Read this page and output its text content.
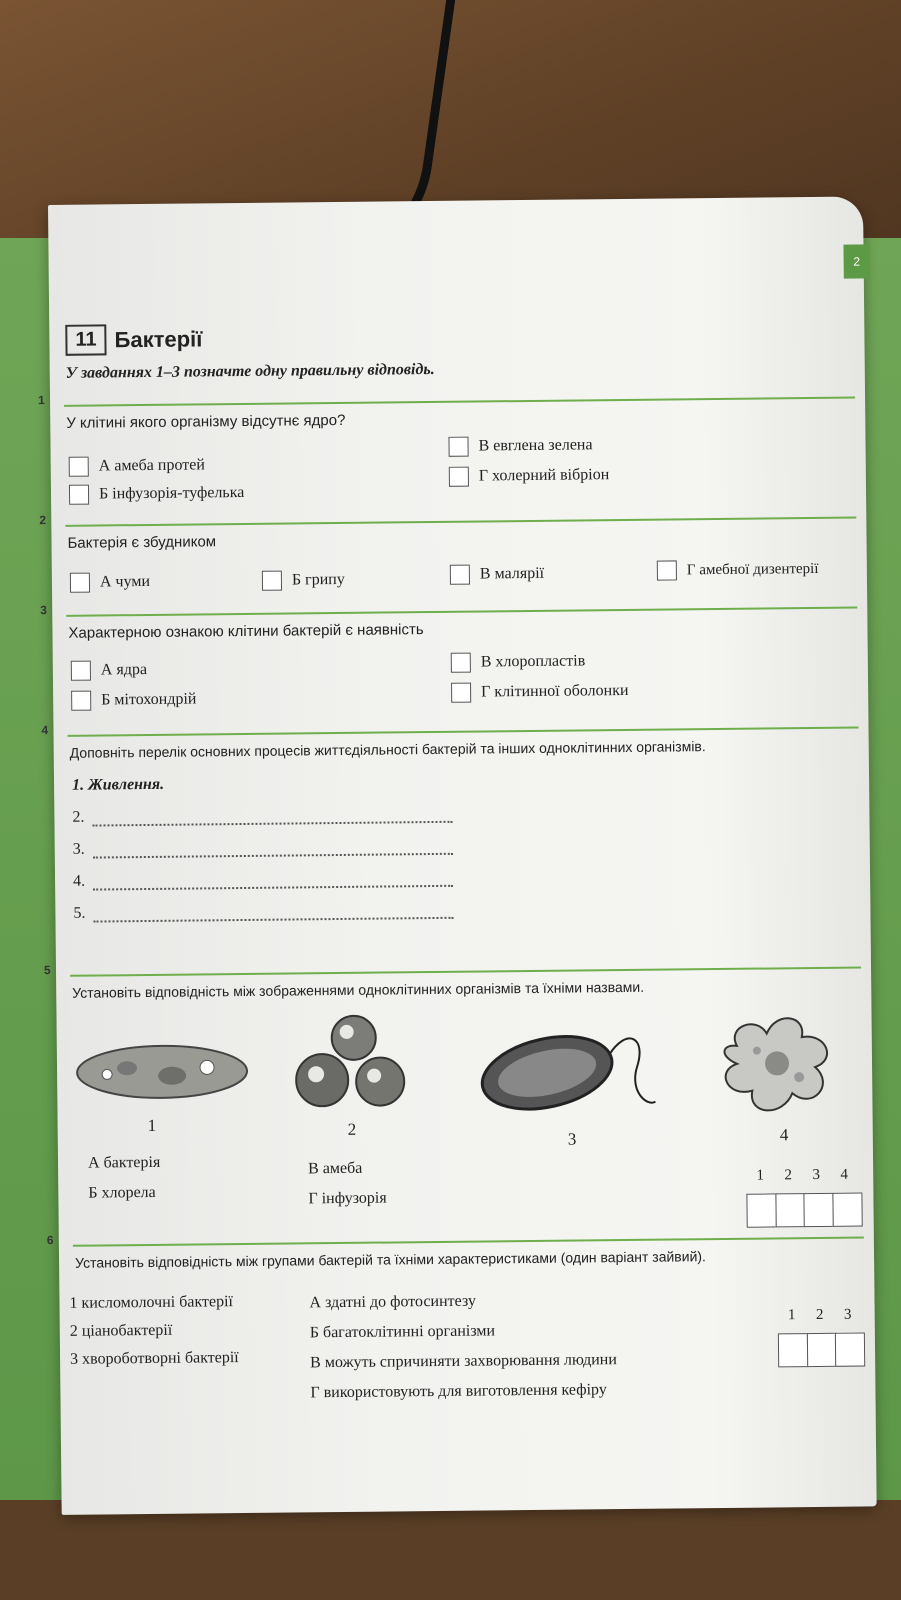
2
11 Бактерії
У завданнях 1–3 позначте одну правильну відповідь.
1
У клітині якого організму відсутнє ядро?
А амеба протей
Б інфузорія-туфелька
В евглена зелена
Г холерний вібріон
2
Бактерія є збудником
А чуми	Б грипу	В малярії	Г амебної дизентерії
3
Характерною ознакою клітини бактерій є наявність
А ядра
Б мітохондрій
В хлоропластів
Г клітинної оболонки
4
Доповніть перелік основних процесів життєдіяльності бактерій та інших одноклітинних організмів.
1. Живлення.
2.
3.
4.
5.
5
Установіть відповідність між зображеннями одноклітинних організмів та їхніми назвами.
1	2
3	4
А бактерія
Б хлорела
В амеба
Г інфузорія
1	2	3	4
6
Установіть відповідність між групами бактерій та їхніми характеристиками (один варіант зайвий).
1 кисломолочні бактерії
2 ціанобактерії
3 хвороботворні бактерії
А здатні до фотосинтезу
Б багатоклітинні організми
В можуть спричиняти захворювання людини
Г використовують для виготовлення кефіру
1	2	3
